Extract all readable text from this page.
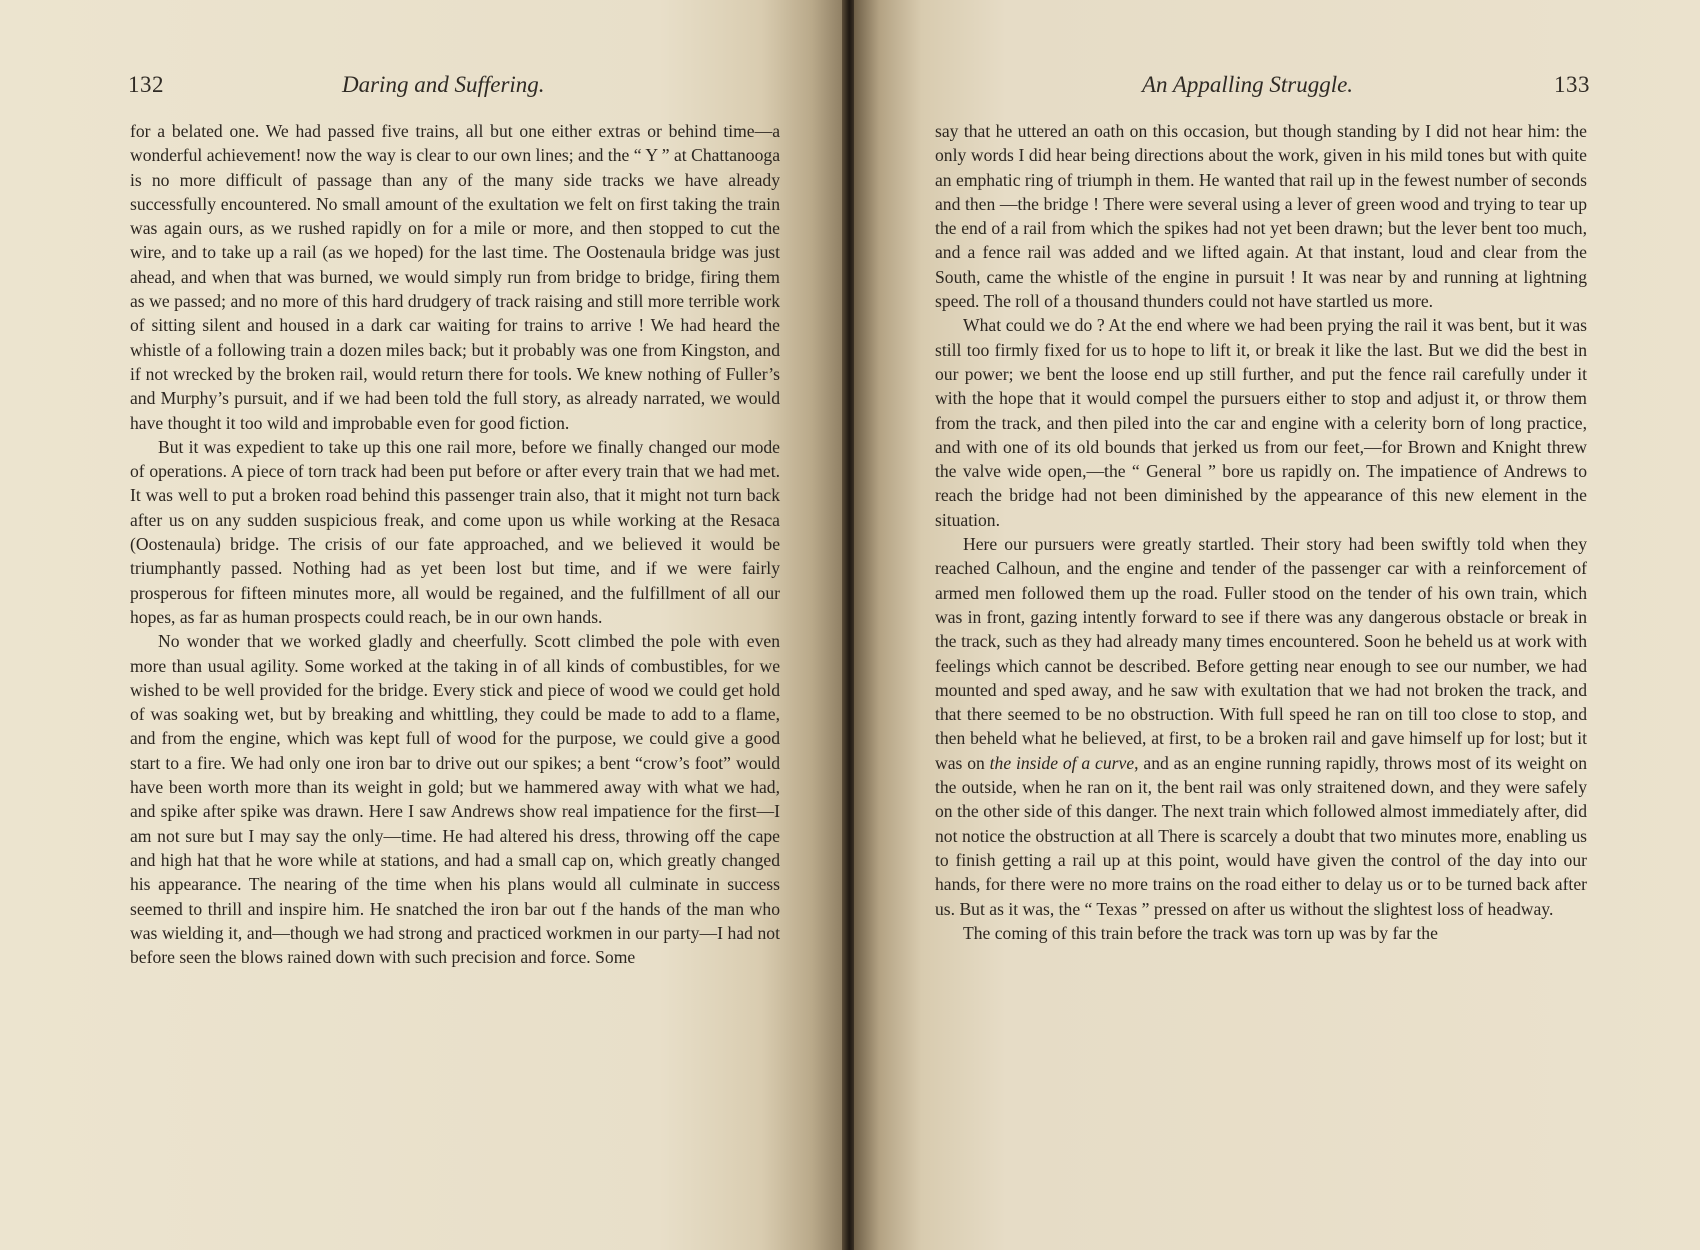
132	Daring and Suffering.

for a belated one. We had passed five trains, all but one either extras or behind time—a wonderful achievement! now the way is clear to our own lines; and the “ Y ” at Chattanooga is no more difficult of passage than any of the many side tracks we have already successfully encountered. No small amount of the exultation we felt on first taking the train was again ours, as we rushed rapidly on for a mile or more, and then stopped to cut the wire, and to take up a rail (as we hoped) for the last time. The Oostenaula bridge was just ahead, and when that was burned, we would simply run from bridge to bridge, firing them as we passed; and no more of this hard drudgery of track raising and still more terrible work of sitting silent and housed in a dark car waiting for trains to arrive ! We had heard the whistle of a following train a dozen miles back; but it probably was one from Kingston, and if not wrecked by the broken rail, would return there for tools. We knew nothing of Fuller’s and Murphy’s pursuit, and if we had been told the full story, as already narrated, we would have thought it too wild and improbable even for good fiction.

But it was expedient to take up this one rail more, before we finally changed our mode of operations. A piece of torn track had been put before or after every train that we had met. It was well to put a broken road behind this passenger train also, that it might not turn back after us on any sudden suspicious freak, and come upon us while working at the Resaca (Oostenaula) bridge. The crisis of our fate approached, and we believed it would be triumphantly passed. Nothing had as yet been lost but time, and if we were fairly prosperous for fifteen minutes more, all would be regained, and the fulfillment of all our hopes, as far as human prospects could reach, be in our own hands.

No wonder that we worked gladly and cheerfully. Scott climbed the pole with even more than usual agility. Some worked at the taking in of all kinds of combustibles, for we wished to be well provided for the bridge. Every stick and piece of wood we could get hold of was soaking wet, but by breaking and whittling, they could be made to add to a flame, and from the engine, which was kept full of wood for the purpose, we could give a good start to a fire. We had only one iron bar to drive out our spikes; a bent “crow’s foot” would have been worth more than its weight in gold; but we hammered away with what we had, and spike after spike was drawn. Here I saw Andrews show real impatience for the first—I am not sure but I may say the only—time. He had altered his dress, throwing off the cape and high hat that he wore while at stations, and had a small cap on, which greatly changed his appearance. The nearing of the time when his plans would all culminate in success seemed to thrill and inspire him. He snatched the iron bar out f the hands of the man who was wielding it, and—though we had strong and practiced workmen in our party—I had not before seen the blows rained down with such precision and force. Some

An Appalling Struggle.	133

say that he uttered an oath on this occasion, but though standing by I did not hear him: the only words I did hear being directions about the work, given in his mild tones but with quite an emphatic ring of triumph in them. He wanted that rail up in the fewest number of seconds and then —the bridge ! There were several using a lever of green wood and trying to tear up the end of a rail from which the spikes had not yet been drawn; but the lever bent too much, and a fence rail was added and we lifted again. At that instant, loud and clear from the South, came the whistle of the engine in pursuit ! It was near by and running at lightning speed. The roll of a thousand thunders could not have startled us more.

What could we do ? At the end where we had been prying the rail it was bent, but it was still too firmly fixed for us to hope to lift it, or break it like the last. But we did the best in our power; we bent the loose end up still further, and put the fence rail carefully under it with the hope that it would compel the pursuers either to stop and adjust it, or throw them from the track, and then piled into the car and engine with a celerity born of long practice, and with one of its old bounds that jerked us from our feet,—for Brown and Knight threw the valve wide open,—the “ General ” bore us rapidly on. The impatience of Andrews to reach the bridge had not been diminished by the appearance of this new element in the situation.

Here our pursuers were greatly startled. Their story had been swiftly told when they reached Calhoun, and the engine and tender of the passenger car with a reinforcement of armed men followed them up the road. Fuller stood on the tender of his own train, which was in front, gazing intently forward to see if there was any dangerous obstacle or break in the track, such as they had already many times encountered. Soon he beheld us at work with feelings which cannot be described. Before getting near enough to see our number, we had mounted and sped away, and he saw with exultation that we had not broken the track, and that there seemed to be no obstruction. With full speed he ran on till too close to stop, and then beheld what he believed, at first, to be a broken rail and gave himself up for lost; but it was on the inside of a curve, and as an engine running rapidly, throws most of its weight on the outside, when he ran on it, the bent rail was only straitened down, and they were safely on the other side of this danger. The next train which followed almost immediately after, did not notice the obstruction at all There is scarcely a doubt that two minutes more, enabling us to finish getting a rail up at this point, would have given the control of the day into our hands, for there were no more trains on the road either to delay us or to be turned back after us. But as it was, the “ Texas ” pressed on after us without the slightest loss of headway.

The coming of this train before the track was torn up was by far the
